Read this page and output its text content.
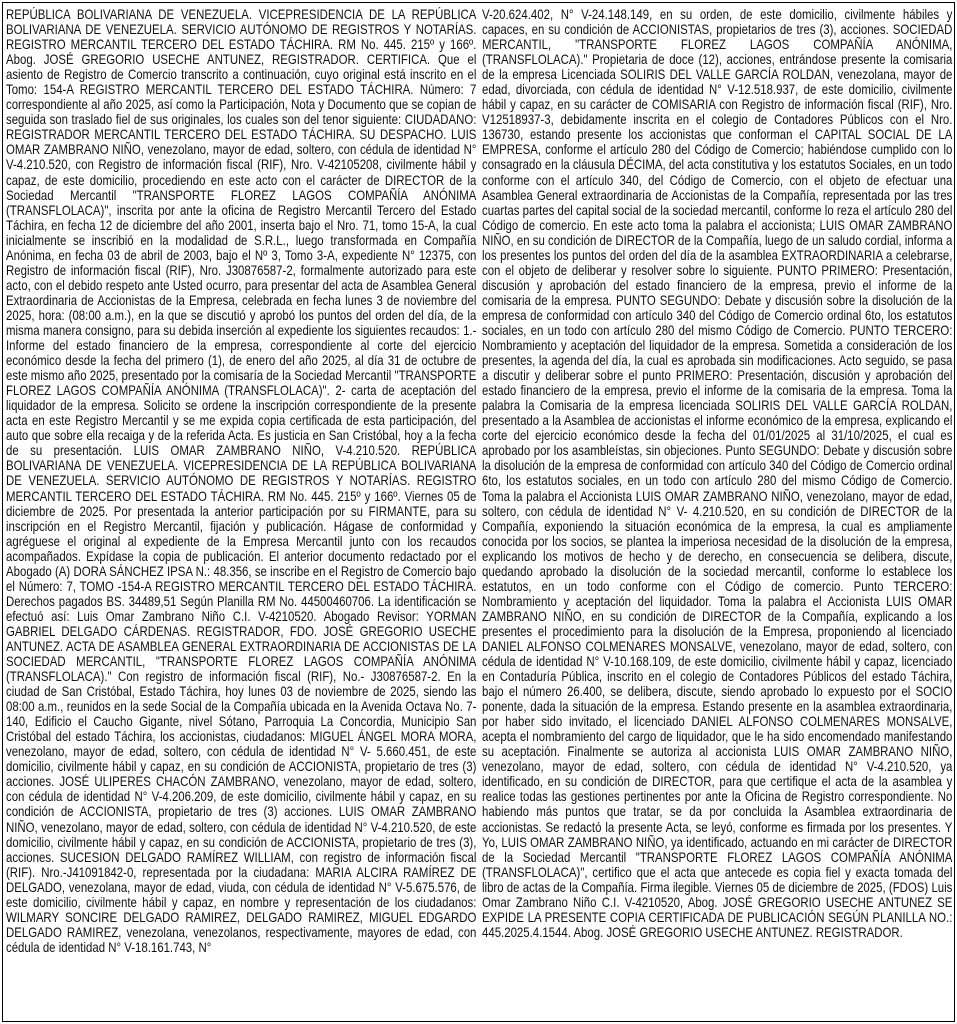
REPÚBLICA BOLIVARIANA DE VENEZUELA. VICEPRESIDENCIA DE LA REPÚBLICA BOLIVARIANA DE VENEZUELA. SERVICIO AUTÓNOMO DE REGISTROS Y NOTARÍAS. REGISTRO MERCANTIL TERCERO DEL ESTADO TÁCHIRA. RM No. 445. 215º y 166º. Abog. JOSÉ GREGORIO USECHE ANTUNEZ, REGISTRADOR. CERTIFICA. Que el asiento de Registro de Comercio transcrito a continuación, cuyo original está inscrito en el Tomo: 154-A REGISTRO MERCANTIL TERCERO DEL ESTADO TÁCHIRA. Número: 7 correspondiente al año 2025, así como la Participación, Nota y Documento que se copian de seguida son traslado fiel de sus originales, los cuales son del tenor siguiente: CIUDADANO: REGISTRADOR MERCANTIL TERCERO DEL ESTADO TÁCHIRA. SU DESPACHO. LUIS OMAR ZAMBRANO NIÑO, venezolano, mayor de edad, soltero, con cédula de identidad N° V-4.210.520, con Registro de información fiscal (RIF), Nro. V-42105208, civilmente hábil y capaz, de este domicilio, procediendo en este acto con el carácter de DIRECTOR de la Sociedad Mercantil "TRANSPORTE FLOREZ LAGOS COMPAÑÍA ANÓNIMA (TRANSFLOLACA)", inscrita por ante la oficina de Registro Mercantil Tercero del Estado Táchira, en fecha 12 de diciembre del año 2001, inserta bajo el Nro. 71, tomo 15-A, la cual inicialmente se inscribió en la modalidad de S.R.L., luego transformada en Compañía Anónima, en fecha 03 de abril de 2003, bajo el Nº 3, Tomo 3-A, expediente N° 12375, con Registro de información fiscal (RIF), Nro. J30876587-2, formalmente autorizado para este acto, con el debido respeto ante Usted ocurro, para presentar del acta de Asamblea General Extraordinaria de Accionistas de la Empresa, celebrada en fecha lunes 3 de noviembre del 2025, hora: (08:00 a.m.), en la que se discutió y aprobó los puntos del orden del día, de la misma manera consigno, para su debida inserción al expediente los siguientes recaudos: 1.- Informe del estado financiero de la empresa, correspondiente al corte del ejercicio económico desde la fecha del primero (1), de enero del año 2025, al día 31 de octubre de este mismo año 2025, presentado por la comisaría de la Sociedad Mercantil "TRANSPORTE FLOREZ LAGOS COMPAÑÍA ANÓNIMA (TRANSFLOLACA)". 2- carta de aceptación del liquidador de la empresa. Solicito se ordene la inscripción correspondiente de la presente acta en este Registro Mercantil y se me expida copia certificada de esta participación, del auto que sobre ella recaiga y de la referida Acta. Es justicia en San Cristóbal, hoy a la fecha de su presentación. LUIS OMAR ZAMBRANO NIÑO, V-4.210.520. REPÚBLICA BOLIVARIANA DE VENEZUELA. VICEPRESIDENCIA DE LA REPÚBLICA BOLIVARIANA DE VENEZUELA. SERVICIO AUTÓNOMO DE REGISTROS Y NOTARÍAS. REGISTRO MERCANTIL TERCERO DEL ESTADO TÁCHIRA. RM No. 445. 215º y 166º. Viernes 05 de diciembre de 2025. Por presentada la anterior participación por su FIRMANTE, para su inscripción en el Registro Mercantil, fijación y publicación. Hágase de conformidad y agréguese el original al expediente de la Empresa Mercantil junto con los recaudos acompañados. Expídase la copia de publicación. El anterior documento redactado por el Abogado (A) DORA SÁNCHEZ IPSA N.: 48.356, se inscribe en el Registro de Comercio bajo el Número: 7, TOMO -154-A REGISTRO MERCANTIL TERCERO DEL ESTADO TÁCHIRA. Derechos pagados BS. 34489,51 Según Planilla RM No. 44500460706. La identificación se efectuó así: Luis Omar Zambrano Niño C.I. V-4210520. Abogado Revisor: YORMAN GABRIEL DELGADO CÁRDENAS. REGISTRADOR, FDO. JOSÉ GREGORIO USECHE ANTUNEZ. ACTA DE ASAMBLEA GENERAL EXTRAORDINARIA DE ACCIONISTAS DE LA SOCIEDAD MERCANTIL, "TRANSPORTE FLOREZ LAGOS COMPAÑÍA ANÓNIMA (TRANSFLOLACA)." Con registro de información fiscal (RIF), No.- J30876587-2. En la ciudad de San Cristóbal, Estado Táchira, hoy lunes 03 de noviembre de 2025, siendo las 08:00 a.m., reunidos en la sede Social de la Compañía ubicada en la Avenida Octava No. 7-140, Edificio el Caucho Gigante, nivel Sótano, Parroquia La Concordia, Municipio San Cristóbal del estado Táchira, los accionistas, ciudadanos: MIGUEL ÁNGEL MORA MORA, venezolano, mayor de edad, soltero, con cédula de identidad N° V- 5.660.451, de este domicilio, civilmente hábil y capaz, en su condición de ACCIONISTA, propietario de tres (3) acciones. JOSÉ ULIPERES CHACÓN ZAMBRANO, venezolano, mayor de edad, soltero, con cédula de identidad N° V-4.206.209, de este domicilio, civilmente hábil y capaz, en su condición de ACCIONISTA, propietario de tres (3) acciones. LUIS OMAR ZAMBRANO NIÑO, venezolano, mayor de edad, soltero, con cédula de identidad N° V-4.210.520, de este domicilio, civilmente hábil y capaz, en su condición de ACCIONISTA, propietario de tres (3), acciones. SUCESION DELGADO RAMÍREZ WILLIAM, con registro de información fiscal (RIF). Nro.-J41091842-0, representada por la ciudadana: MARIA ALCIRA RAMÍREZ DE DELGADO, venezolana, mayor de edad, viuda, con cédula de identidad N° V-5.675.576, de este domicilio, civilmente hábil y capaz, en nombre y representación de los ciudadanos: WILMARY SONCIRE DELGADO RAMIREZ, DELGADO RAMIREZ, MIGUEL EDGARDO DELGADO RAMIREZ, venezolana, venezolanos, respectivamente, mayores de edad, con cédula de identidad N° V-18.161.743, N°

V-20.624.402, N° V-24.148.149, en su orden, de este domicilio, civilmente hábiles y capaces, en su condición de ACCIONISTAS, propietarios de tres (3), acciones. SOCIEDAD MERCANTIL, "TRANSPORTE FLOREZ LAGOS COMPAÑÍA ANÓNIMA, (TRANSFLOLACA)." Propietaria de doce (12), acciones, entrándose presente la comisaria de la empresa Licenciada SOLIRIS DEL VALLE GARCÍA ROLDAN, venezolana, mayor de edad, divorciada, con cédula de identidad N° V-12.518.937, de este domicilio, civilmente hábil y capaz, en su carácter de COMISARIA con Registro de información fiscal (RIF), Nro. V12518937-3, debidamente inscrita en el colegio de Contadores Públicos con el Nro. 136730, estando presente los accionistas que conforman el CAPITAL SOCIAL DE LA EMPRESA, conforme el artículo 280 del Código de Comercio; habiéndose cumplido con lo consagrado en la cláusula DÉCIMA, del acta constitutiva y los estatutos Sociales, en un todo conforme con el artículo 340, del Código de Comercio, con el objeto de efectuar una Asamblea General extraordinaria de Accionistas de la Compañía, representada por las tres cuartas partes del capital social de la sociedad mercantil, conforme lo reza el artículo 280 del Código de comercio. En este acto toma la palabra el accionista; LUIS OMAR ZAMBRANO NIÑO, en su condición de DIRECTOR de la Compañía, luego de un saludo cordial, informa a los presentes los puntos del orden del día de la asamblea EXTRAORDINARIA a celebrarse, con el objeto de deliberar y resolver sobre lo siguiente. PUNTO PRIMERO: Presentación, discusión y aprobación del estado financiero de la empresa, previo el informe de la comisaria de la empresa. PUNTO SEGUNDO: Debate y discusión sobre la disolución de la empresa de conformidad con artículo 340 del Código de Comercio ordinal 6to, los estatutos sociales, en un todo con artículo 280 del mismo Código de Comercio. PUNTO TERCERO: Nombramiento y aceptación del liquidador de la empresa. Sometida a consideración de los presentes, la agenda del día, la cual es aprobada sin modificaciones. Acto seguido, se pasa a discutir y deliberar sobre el punto PRIMERO: Presentación, discusión y aprobación del estado financiero de la empresa, previo el informe de la comisaria de la empresa. Toma la palabra la Comisaria de la empresa licenciada SOLIRIS DEL VALLE GARCÍA ROLDAN, presentado a la Asamblea de accionistas el informe económico de la empresa, explicando el corte del ejercicio económico desde la fecha del 01/01/2025 al 31/10/2025, el cual es aprobado por los asambleístas, sin objeciones. Punto SEGUNDO: Debate y discusión sobre la disolución de la empresa de conformidad con artículo 340 del Código de Comercio ordinal 6to, los estatutos sociales, en un todo con artículo 280 del mismo Código de Comercio. Toma la palabra el Accionista LUIS OMAR ZAMBRANO NIÑO, venezolano, mayor de edad, soltero, con cédula de identidad N° V- 4.210.520, en su condición de DIRECTOR de la Compañía, exponiendo la situación económica de la empresa, la cual es ampliamente conocida por los socios, se plantea la imperiosa necesidad de la disolución de la empresa, explicando los motivos de hecho y de derecho, en consecuencia se delibera, discute, quedando aprobado la disolución de la sociedad mercantil, conforme lo establece los estatutos, en un todo conforme con el Código de comercio. Punto TERCERO: Nombramiento y aceptación del liquidador. Toma la palabra el Accionista LUIS OMAR ZAMBRANO NIÑO, en su condición de DIRECTOR de la Compañía, explicando a los presentes el procedimiento para la disolución de la Empresa, proponiendo al licenciado DANIEL ALFONSO COLMENARES MONSALVE, venezolano, mayor de edad, soltero, con cédula de identidad N° V-10.168.109, de este domicilio, civilmente hábil y capaz, licenciado en Contaduría Pública, inscrito en el colegio de Contadores Públicos del estado Táchira, bajo el número 26.400, se delibera, discute, siendo aprobado lo expuesto por el SOCIO ponente, dada la situación de la empresa. Estando presente en la asamblea extraordinaria, por haber sido invitado, el licenciado DANIEL ALFONSO COLMENARES MONSALVE, acepta el nombramiento del cargo de liquidador, que le ha sido encomendado manifestando su aceptación. Finalmente se autoriza al accionista LUIS OMAR ZAMBRANO NIÑO, venezolano, mayor de edad, soltero, con cédula de identidad N° V-4.210.520, ya identificado, en su condición de DIRECTOR, para que certifique el acta de la asamblea y realice todas las gestiones pertinentes por ante la Oficina de Registro correspondiente. No habiendo más puntos que tratar, se da por concluida la Asamblea extraordinaria de accionistas. Se redactó la presente Acta, se leyó, conforme es firmada por los presentes. Y Yo, LUIS OMAR ZAMBRANO NIÑO, ya identificado, actuando en mi carácter de DIRECTOR de la Sociedad Mercantil "TRANSPORTE FLOREZ LAGOS COMPAÑÍA ANÓNIMA (TRANSFLOLACA)", certifico que el acta que antecede es copia fiel y exacta tomada del libro de actas de la Compañía. Firma ilegible. Viernes 05 de diciembre de 2025, (FDOS) Luis Omar Zambrano Niño C.I. V-4210520, Abog. JOSÉ GREGORIO USECHE ANTUNEZ SE EXPIDE LA PRESENTE COPIA CERTIFICADA DE PUBLICACIÓN SEGÚN PLANILLA NO.: 445.2025.4.1544. Abog. JOSÉ GREGORIO USECHE ANTUNEZ. REGISTRADOR.
